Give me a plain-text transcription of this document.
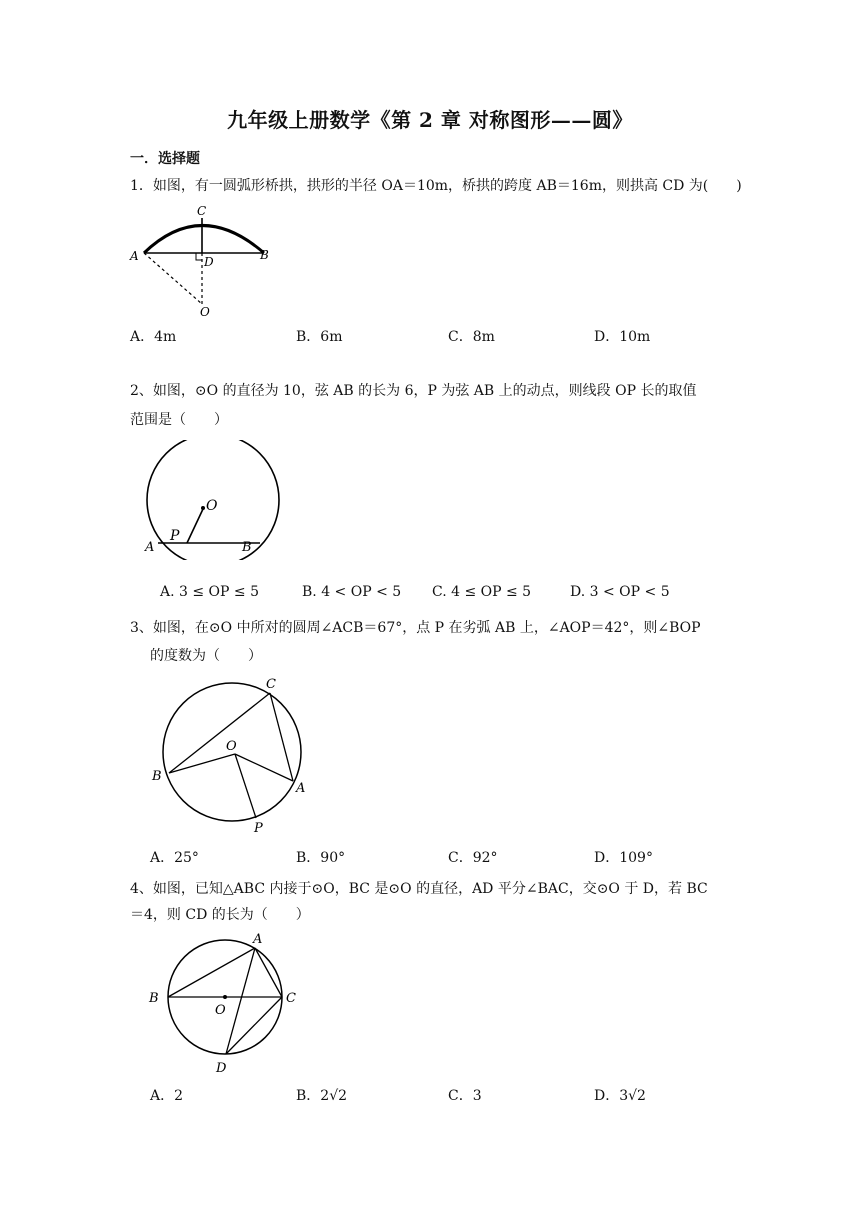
九年级上册数学《第 2 章 对称图形——圆》
一．选择题
1．如图，有一圆弧形桥拱，拱形的半径 OA＝10m，桥拱的跨度 AB＝16m，则拱高 CD 为(　　)
C
A	D	B
O
A．4m	B．6m	C．8m	D．10m
2、如图，⊙O 的直径为 10，弦 AB 的长为 6，P 为弦 AB 上的动点，则线段 OP 长的取值
范围是（　　）
O
P
A	B
A. 3 ≤ OP ≤ 5	B. 4 < OP < 5 C. 4 ≤ OP ≤ 5	D. 3 < OP < 5
3、如图，在⊙O 中所对的圆周∠ACB＝67°，点 P 在劣弧 AB 上，∠AOP＝42°，则∠BOP
的度数为（　　）
C
O
B
A
P
A．25°	B．90°	C．92°	D．109°
4、如图，已知△ABC 内接于⊙O，BC 是⊙O 的直径，AD 平分∠BAC，交⊙O 于 D，若 BC
＝4，则 CD 的长为（　　）
A
B
O
C
D
A．2	B．2√2	C．3	D．3√2
